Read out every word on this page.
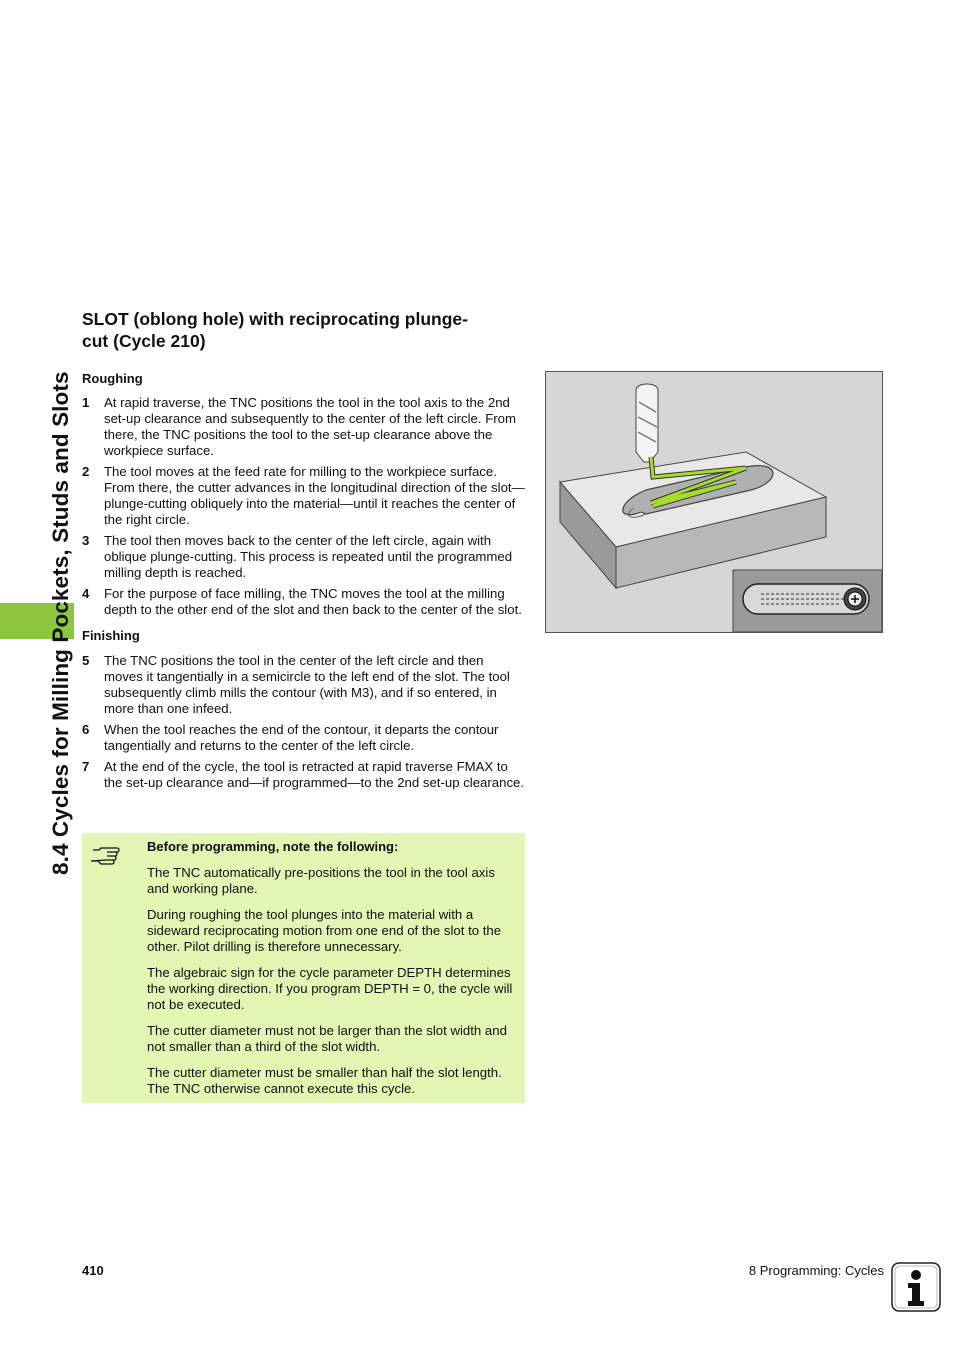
8.4 Cycles for Milling Pockets, Studs and Slots
SLOT (oblong hole) with reciprocating plunge-
cut (Cycle 210)
Roughing
1 At rapid traverse, the TNC positions the tool in the tool axis to the 2nd set-up clearance and subsequently to the center of the left circle. From there, the TNC positions the tool to the set-up clearance above the workpiece surface.
2 The tool moves at the feed rate for milling to the workpiece surface. From there, the cutter advances in the longitudinal direction of the slot—plunge-cutting obliquely into the material—until it reaches the center of the right circle.
3 The tool then moves back to the center of the left circle, again with oblique plunge-cutting. This process is repeated until the programmed milling depth is reached.
4 For the purpose of face milling, the TNC moves the tool at the milling depth to the other end of the slot and then back to the center of the slot.
Finishing
5 The TNC positions the tool in the center of the left circle and then moves it tangentially in a semicircle to the left end of the slot. The tool subsequently climb mills the contour (with M3), and if so entered, in more than one infeed.
6 When the tool reaches the end of the contour, it departs the contour tangentially and returns to the center of the left circle.
7 At the end of the cycle, the tool is retracted at rapid traverse FMAX to the set-up clearance and—if programmed—to the 2nd set-up clearance.
Before programming, note the following:

The TNC automatically pre-positions the tool in the tool axis and working plane.

During roughing the tool plunges into the material with a sideward reciprocating motion from one end of the slot to the other. Pilot drilling is therefore unnecessary.

The algebraic sign for the cycle parameter DEPTH determines the working direction. If you program DEPTH = 0, the cycle will not be executed.

The cutter diameter must not be larger than the slot width and not smaller than a third of the slot width.

The cutter diameter must be smaller than half the slot length. The TNC otherwise cannot execute this cycle.

410	8 Programming: Cycles
